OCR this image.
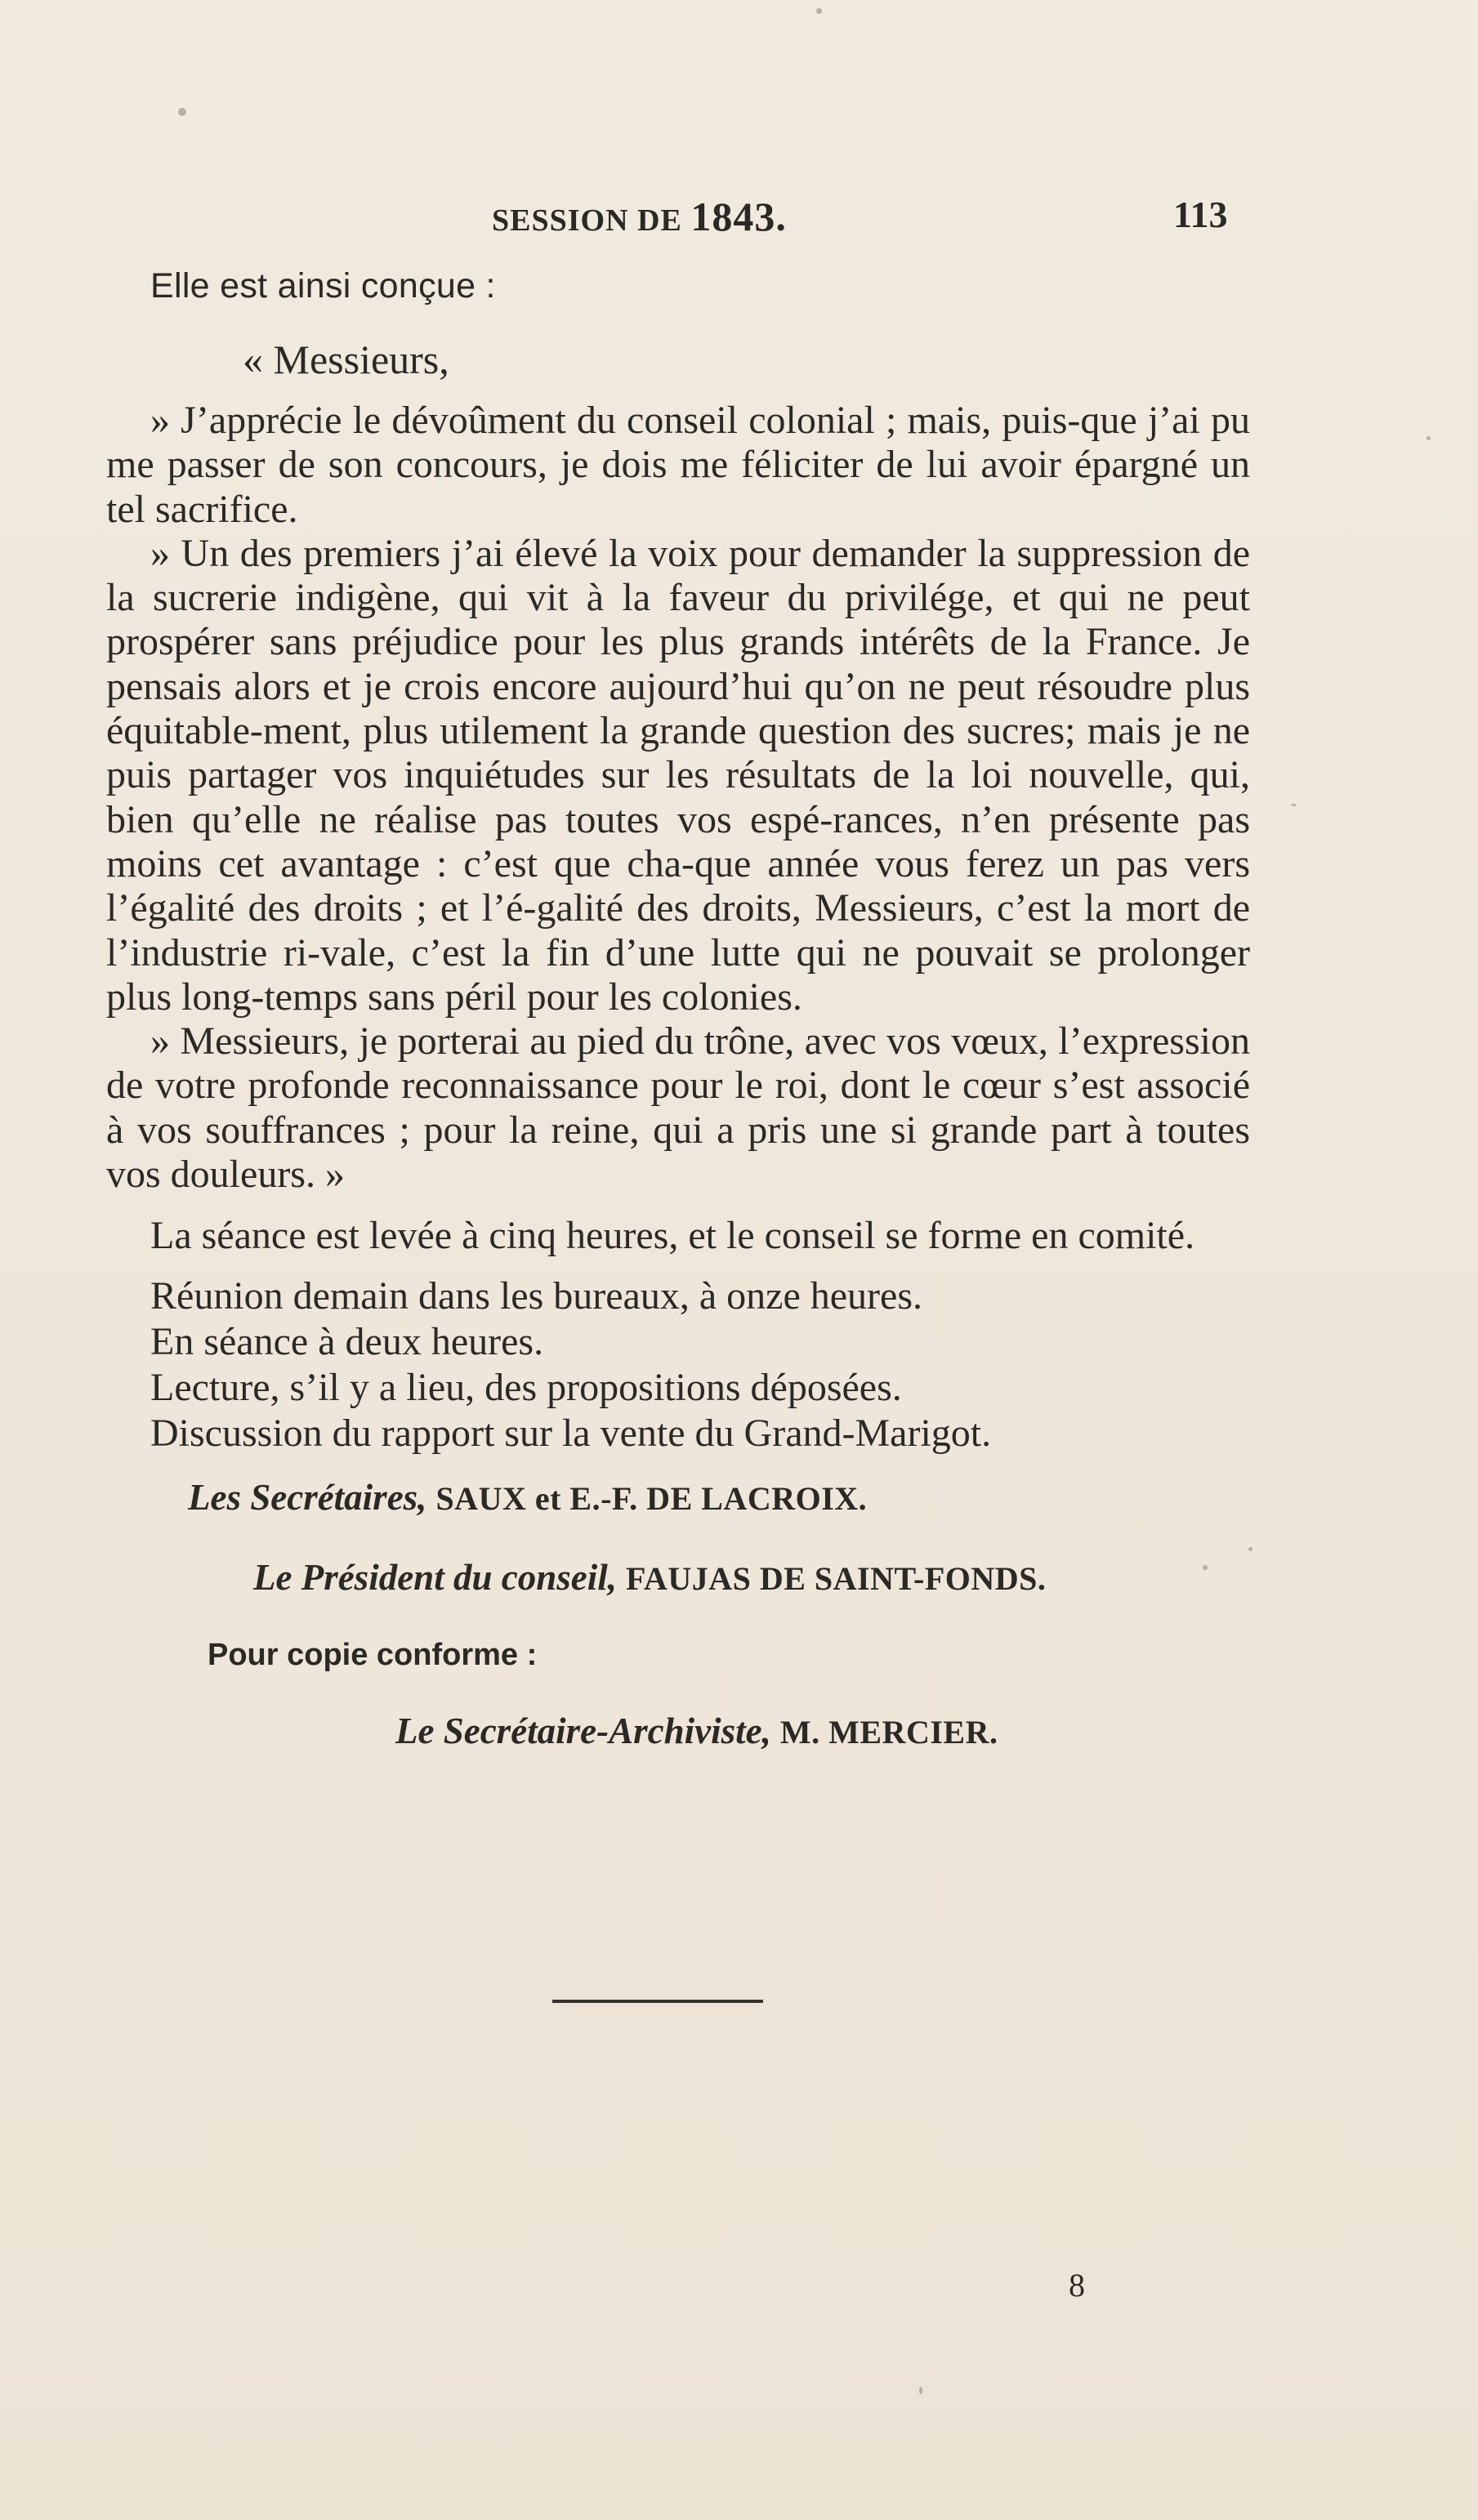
SESSION DE 1843.	113

Elle est ainsi conçue :

« Messieurs,

» J’apprécie le dévoûment du conseil colonial ; mais, puis-que j’ai pu me passer de son concours, je dois me féliciter de lui avoir épargné un tel sacrifice.

» Un des premiers j’ai élevé la voix pour demander la suppression de la sucrerie indigène, qui vit à la faveur du privilége, et qui ne peut prospérer sans préjudice pour les plus grands intérêts de la France. Je pensais alors et je crois encore aujourd’hui qu’on ne peut résoudre plus équitable-ment, plus utilement la grande question des sucres; mais je ne puis partager vos inquiétudes sur les résultats de la loi nouvelle, qui, bien qu’elle ne réalise pas toutes vos espé-rances, n’en présente pas moins cet avantage : c’est que cha-que année vous ferez un pas vers l’égalité des droits ; et l’é-galité des droits, Messieurs, c’est la mort de l’industrie ri-vale, c’est la fin d’une lutte qui ne pouvait se prolonger plus long-temps sans péril pour les colonies.

» Messieurs, je porterai au pied du trône, avec vos vœux, l’expression de votre profonde reconnaissance pour le roi, dont le cœur s’est associé à vos souffrances ; pour la reine, qui a pris une si grande part à toutes vos douleurs. »

La séance est levée à cinq heures, et le conseil se forme en comité.

Réunion demain dans les bureaux, à onze heures.
En séance à deux heures.
Lecture, s’il y a lieu, des propositions déposées.
Discussion du rapport sur la vente du Grand-Marigot.

Les Secrétaires, SAUX et E.-F. DE LACROIX.

Le Président du conseil, FAUJAS DE SAINT-FONDS.

Pour copie conforme :

Le Secrétaire-Archiviste, M. MERCIER.

8
